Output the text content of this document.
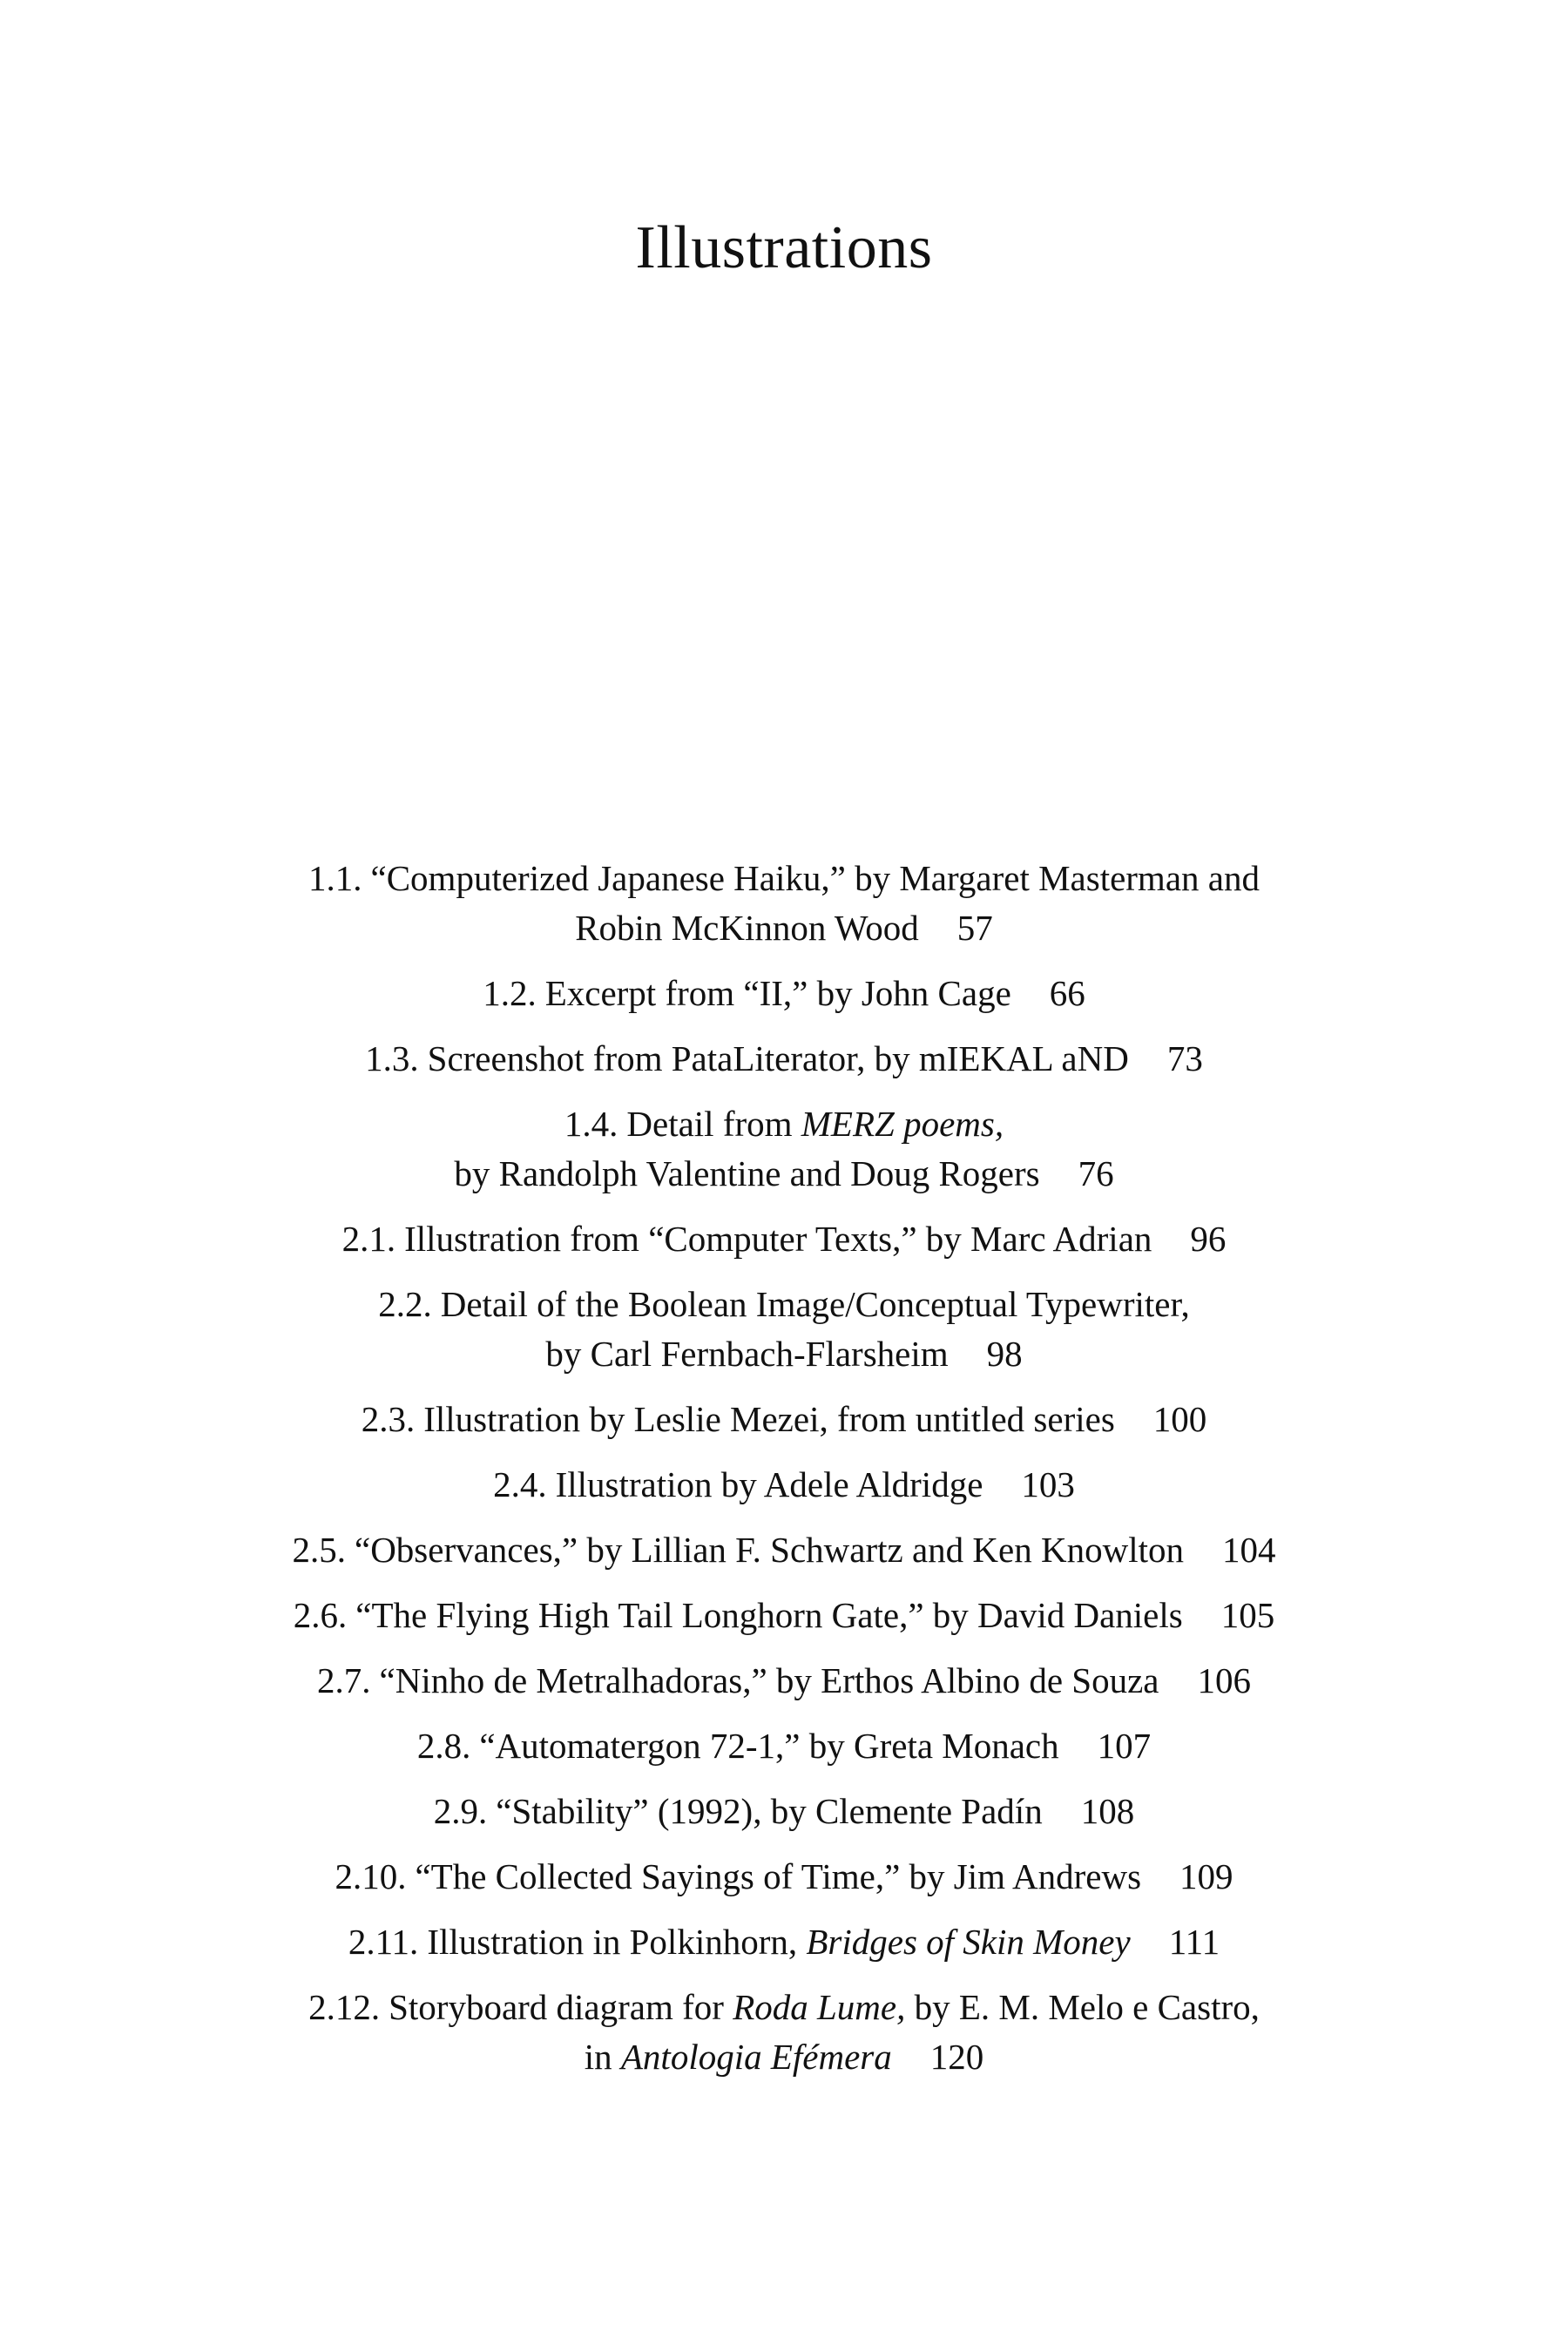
Illustrations
1.1. “Computerized Japanese Haiku,” by Margaret Masterman and
Robin McKinnon Wood 57
1.2. Excerpt from “II,” by John Cage 66
1.3. Screenshot from PataLiterator, by mIEKAL aND 73
1.4. Detail from MERZ poems,
by Randolph Valentine and Doug Rogers 76
2.1. Illustration from “Computer Texts,” by Marc Adrian 96
2.2. Detail of the Boolean Image/Conceptual Typewriter,
by Carl Fernbach-Flarsheim 98
2.3. Illustration by Leslie Mezei, from untitled series 100
2.4. Illustration by Adele Aldridge 103
2.5. “Observances,” by Lillian F. Schwartz and Ken Knowlton 104
2.6. “The Flying High Tail Longhorn Gate,” by David Daniels 105
2.7. “Ninho de Metralhadoras,” by Erthos Albino de Souza 106
2.8. “Automatergon 72-1,” by Greta Monach 107
2.9. “Stability” (1992), by Clemente Padín 108
2.10. “The Collected Sayings of Time,” by Jim Andrews 109
2.11. Illustration in Polkinhorn, Bridges of Skin Money 111
2.12. Storyboard diagram for Roda Lume, by E. M. Melo e Castro,
in Antologia Efémera 120
